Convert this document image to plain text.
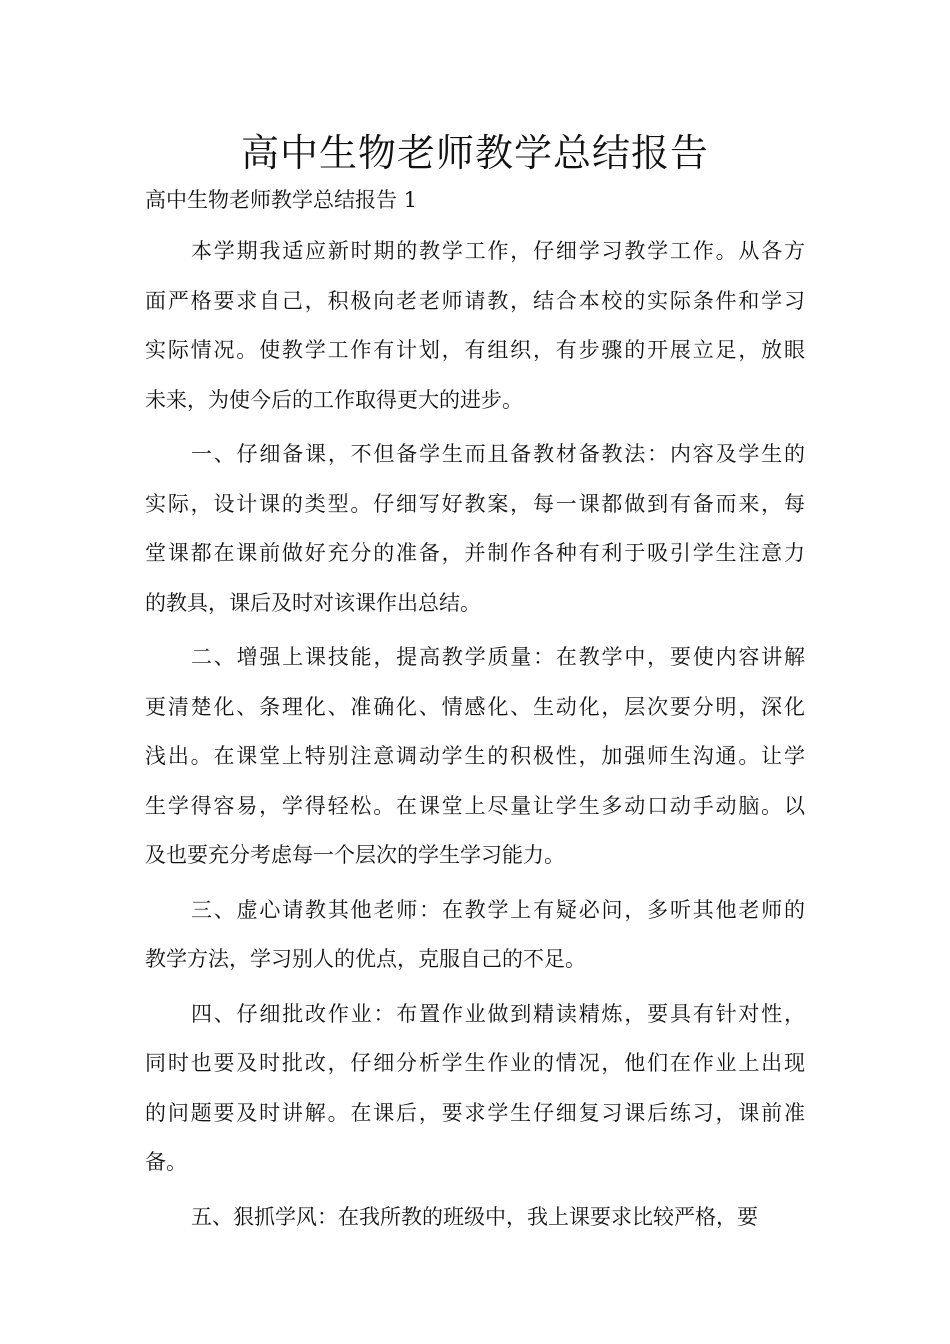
高中生物老师教学总结报告

高中生物老师教学总结报告 1

本学期我适应新时期的教学工作，仔细学习教学工作。从各方
面严格要求自己，积极向老老师请教，结合本校的实际条件和学习
实际情况。使教学工作有计划，有组织，有步骤的开展立足，放眼
未来，为使今后的工作取得更大的进步。
一、仔细备课，不但备学生而且备教材备教法：内容及学生的
实际，设计课的类型。仔细写好教案，每一课都做到有备而来，每
堂课都在课前做好充分的准备，并制作各种有利于吸引学生注意力
的教具，课后及时对该课作出总结。
二、增强上课技能，提高教学质量：在教学中，要使内容讲解
更清楚化、条理化、准确化、情感化、生动化，层次要分明，深化
浅出。在课堂上特别注意调动学生的积极性，加强师生沟通。让学
生学得容易，学得轻松。在课堂上尽量让学生多动口动手动脑。以
及也要充分考虑每一个层次的学生学习能力。
三、虚心请教其他老师：在教学上有疑必问，多听其他老师的
教学方法，学习别人的优点，克服自己的不足。
四、仔细批改作业：布置作业做到精读精炼，要具有针对性，
同时也要及时批改，仔细分析学生作业的情况，他们在作业上出现
的问题要及时讲解。在课后，要求学生仔细复习课后练习，课前准
备。
五、狠抓学风：在我所教的班级中，我上课要求比较严格，要
